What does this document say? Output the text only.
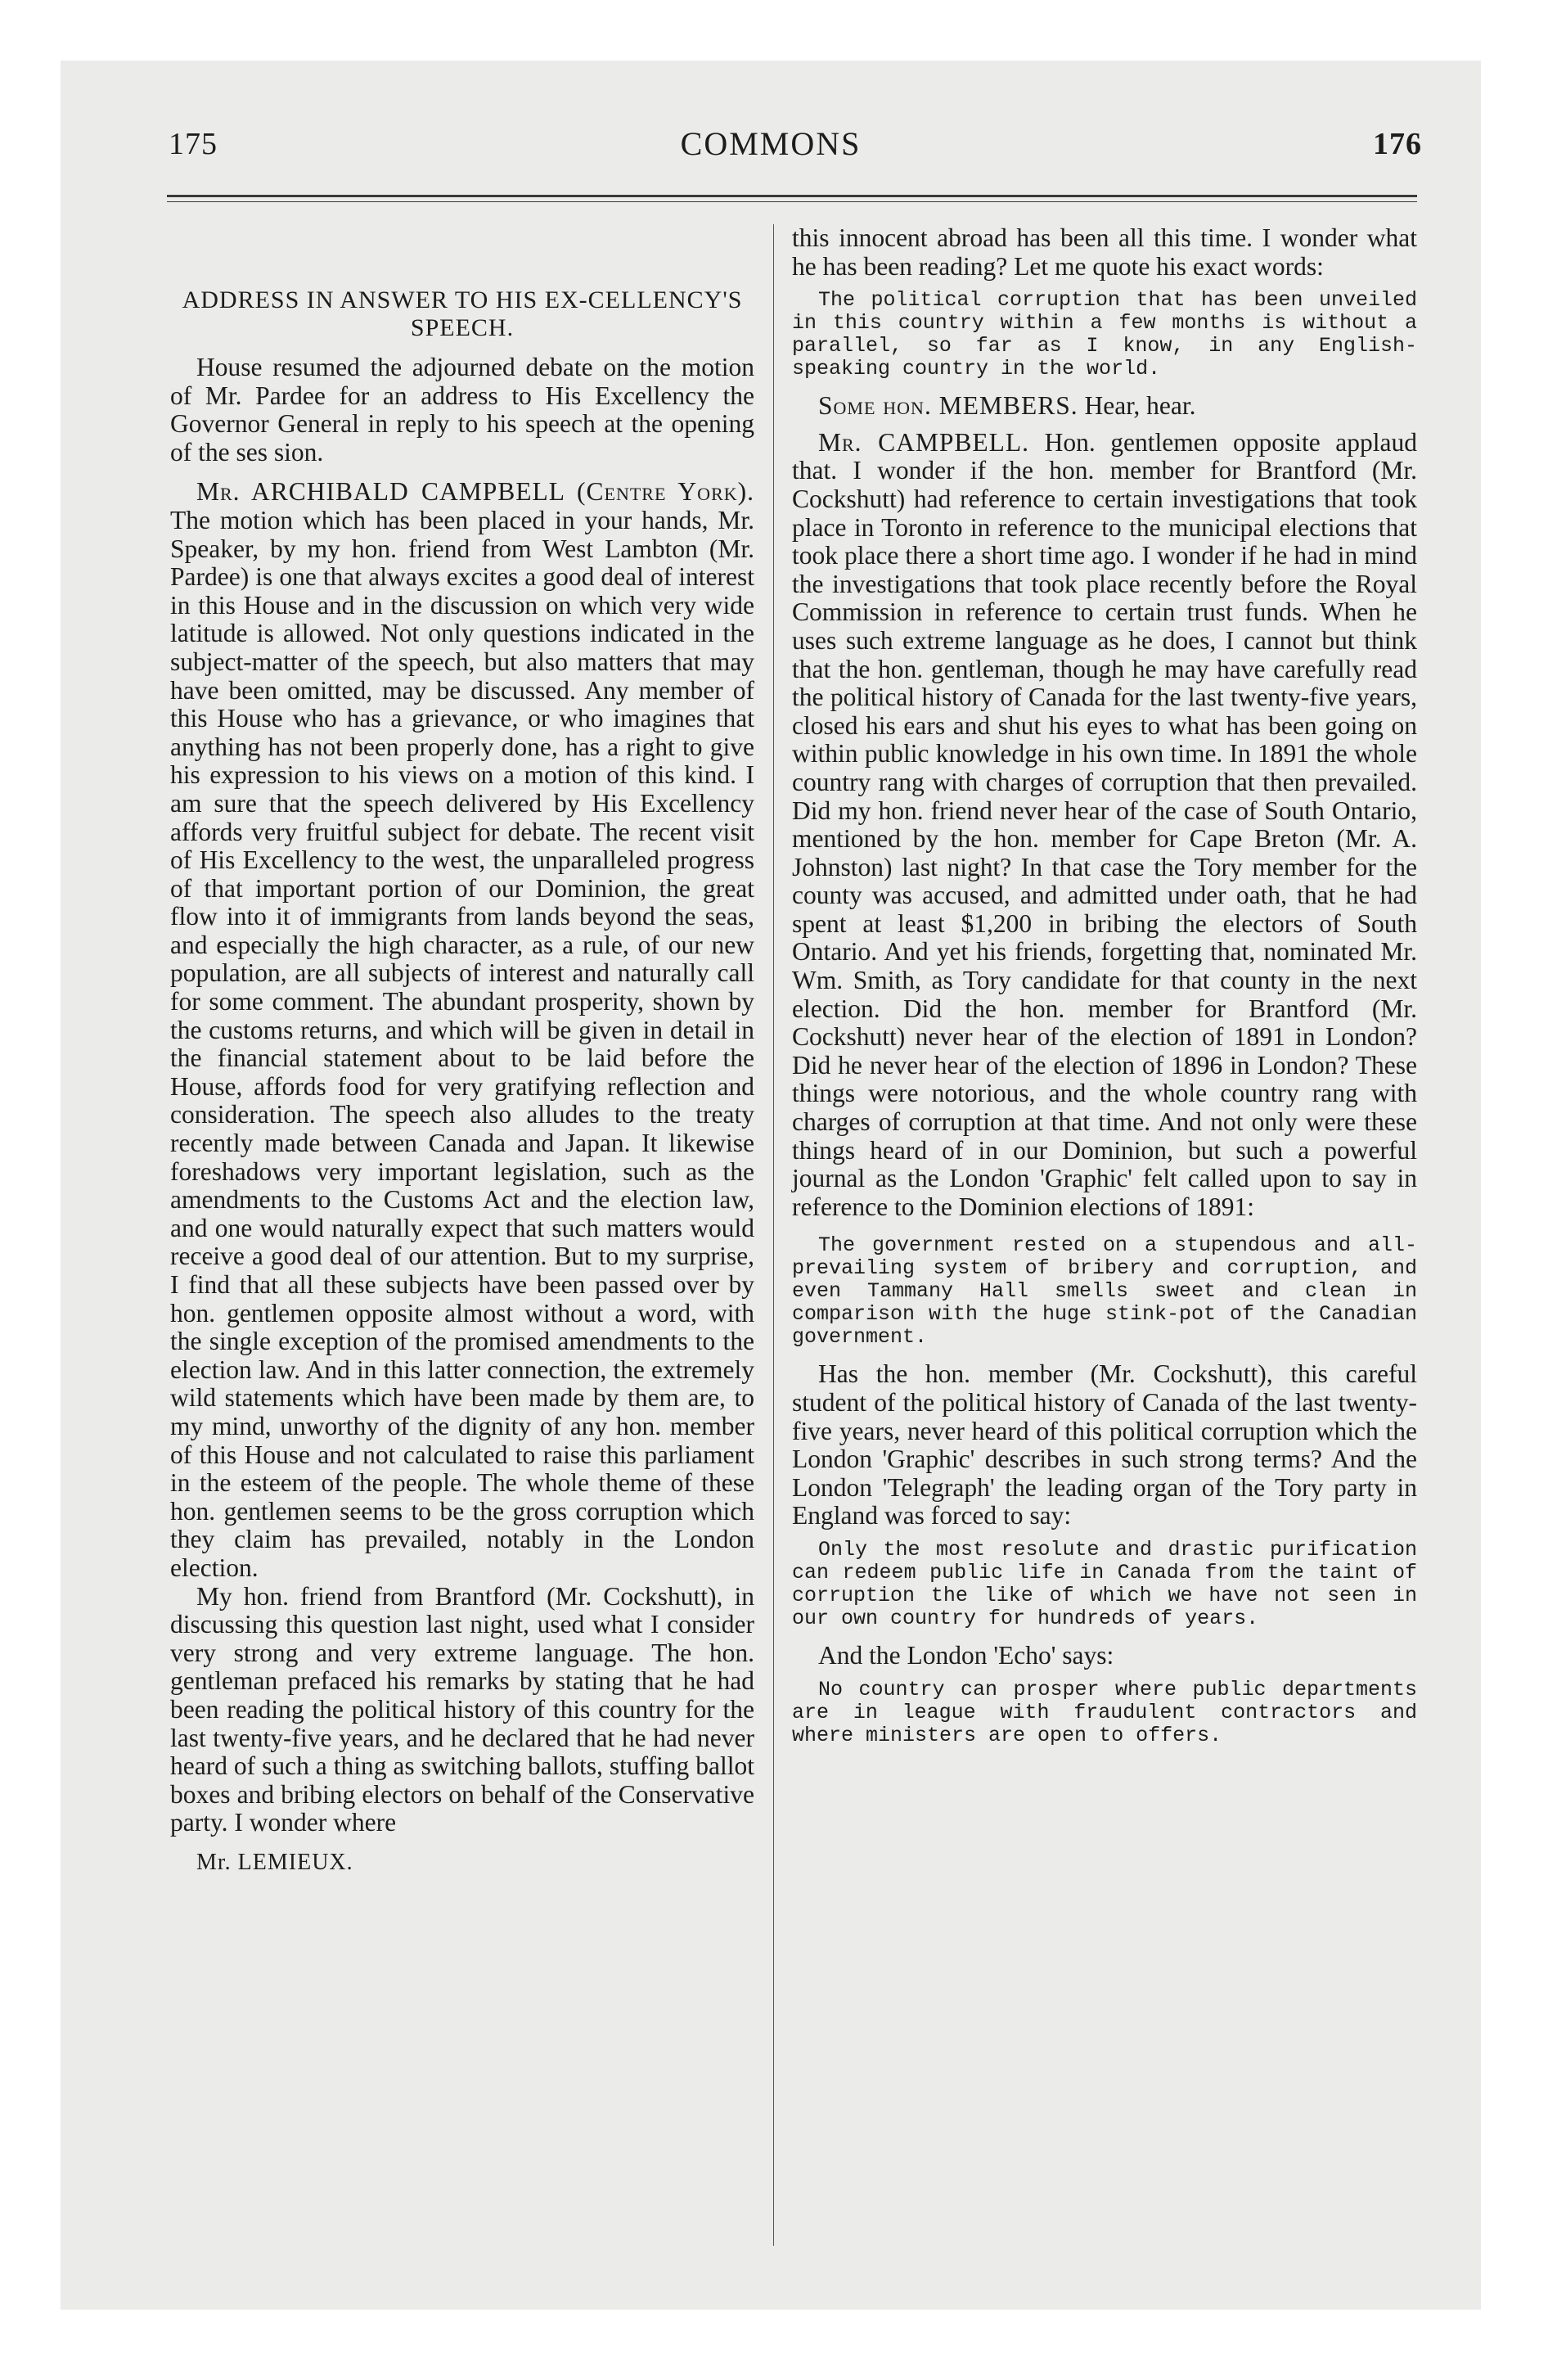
175	COMMONS	176

ADDRESS IN ANSWER TO HIS EX-CELLENCY'S SPEECH.

House resumed the adjourned debate on the motion of Mr. Pardee for an address to His Excellency the Governor General in reply to his speech at the opening of the ses sion.

Mr. ARCHIBALD CAMPBELL (Centre York). The motion which has been placed in your hands, Mr. Speaker, by my hon. friend from West Lambton (Mr. Pardee) is one that always excites a good deal of interest in this House and in the discussion on which very wide latitude is allowed. Not only questions indicated in the subject-matter of the speech, but also matters that may have been omitted, may be discussed. Any member of this House who has a grievance, or who imagines that anything has not been properly done, has a right to give his expression to his views on a motion of this kind. I am sure that the speech delivered by His Excellency affords very fruitful subject for debate. The recent visit of His Excellency to the west, the unparalleled progress of that important portion of our Dominion, the great flow into it of immigrants from lands beyond the seas, and especially the high character, as a rule, of our new population, are all subjects of interest and naturally call for some comment. The abundant prosperity, shown by the customs returns, and which will be given in detail in the financial statement about to be laid before the House, affords food for very gratifying reflection and consideration. The speech also alludes to the treaty recently made between Canada and Japan. It likewise foreshadows very important legislation, such as the amendments to the Customs Act and the election law, and one would naturally expect that such matters would receive a good deal of our attention. But to my surprise, I find that all these subjects have been passed over by hon. gentlemen opposite almost without a word, with the single exception of the promised amendments to the election law. And in this latter connection, the extremely wild statements which have been made by them are, to my mind, unworthy of the dignity of any hon. member of this House and not calculated to raise this parliament in the esteem of the people. The whole theme of these hon. gentlemen seems to be the gross corruption which they claim has prevailed, notably in the London election.

My hon. friend from Brantford (Mr. Cockshutt), in discussing this question last night, used what I consider very strong and very extreme language. The hon. gentleman prefaced his remarks by stating that he had been reading the political history of this country for the last twenty-five years, and he declared that he had never heard of such a thing as switching ballots, stuffing ballot boxes and bribing electors on behalf of the Conservative party. I wonder where

Mr. LEMIEUX.

this innocent abroad has been all this time. I wonder what he has been reading? Let me quote his exact words:

The political corruption that has been unveiled in this country within a few months is without a parallel, so far as I know, in any English-speaking country in the world.

Some hon. MEMBERS. Hear, hear.

Mr. CAMPBELL. Hon. gentlemen opposite applaud that. I wonder if the hon. member for Brantford (Mr. Cockshutt) had reference to certain investigations that took place in Toronto in reference to the municipal elections that took place there a short time ago. I wonder if he had in mind the investigations that took place recently before the Royal Commission in reference to certain trust funds. When he uses such extreme language as he does, I cannot but think that the hon. gentleman, though he may have carefully read the political history of Canada for the last twenty-five years, closed his ears and shut his eyes to what has been going on within public knowledge in his own time. In 1891 the whole country rang with charges of corruption that then prevailed. Did my hon. friend never hear of the case of South Ontario, mentioned by the hon. member for Cape Breton (Mr. A. Johnston) last night? In that case the Tory member for the county was accused, and admitted under oath, that he had spent at least $1,200 in bribing the electors of South Ontario. And yet his friends, forgetting that, nominated Mr. Wm. Smith, as Tory candidate for that county in the next election. Did the hon. member for Brantford (Mr. Cockshutt) never hear of the election of 1891 in London? Did he never hear of the election of 1896 in London? These things were notorious, and the whole country rang with charges of corruption at that time. And not only were these things heard of in our Dominion, but such a powerful journal as the London 'Graphic' felt called upon to say in reference to the Dominion elections of 1891:

The government rested on a stupendous and all-prevailing system of bribery and corruption, and even Tammany Hall smells sweet and clean in comparison with the huge stink-pot of the Canadian government.

Has the hon. member (Mr. Cockshutt), this careful student of the political history of Canada of the last twenty-five years, never heard of this political corruption which the London 'Graphic' describes in such strong terms? And the London 'Telegraph' the leading organ of the Tory party in England was forced to say:

Only the most resolute and drastic purification can redeem public life in Canada from the taint of corruption the like of which we have not seen in our own country for hundreds of years.

And the London 'Echo' says:

No country can prosper where public departments are in league with fraudulent contractors and where ministers are open to offers.
